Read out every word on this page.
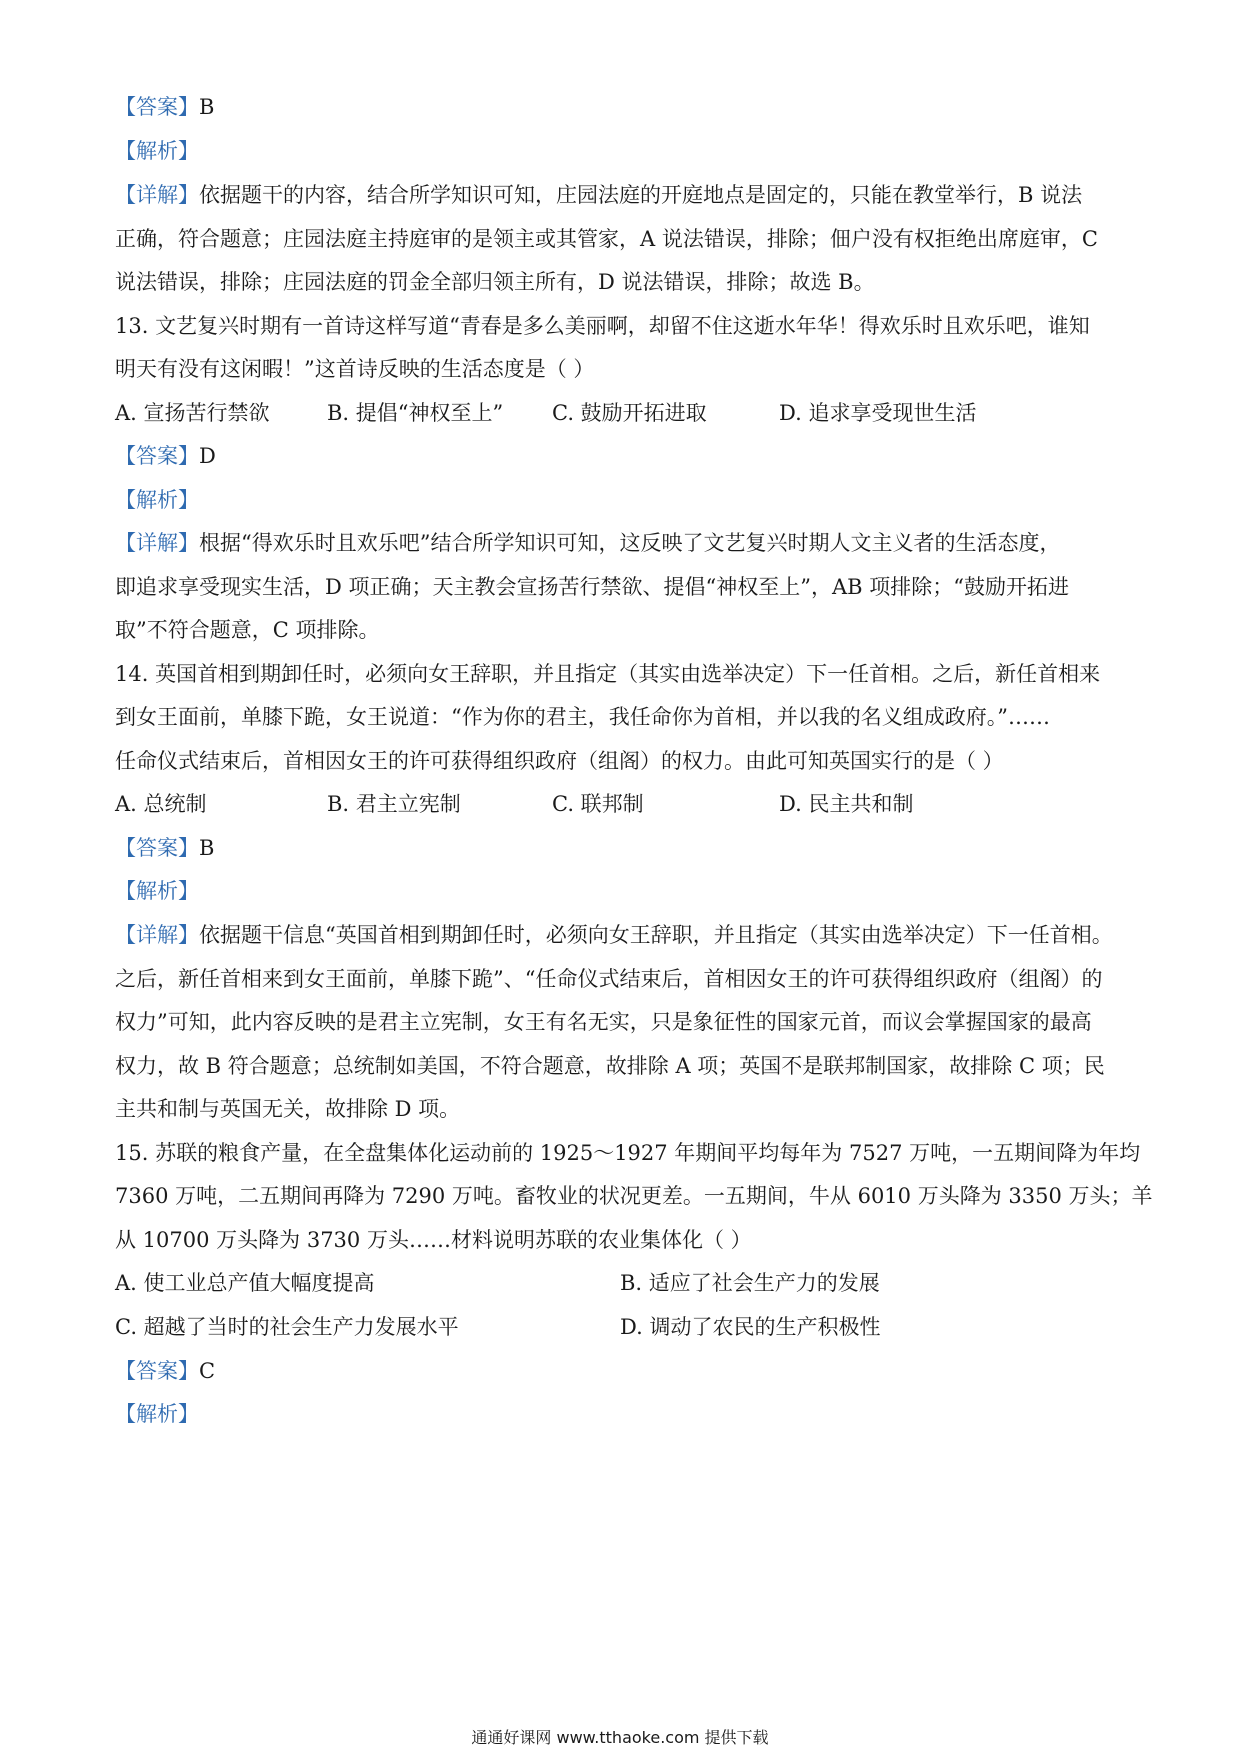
【答案】B
【解析】
【详解】依据题干的内容，结合所学知识可知，庄园法庭的开庭地点是固定的，只能在教堂举行，B 说法
正确，符合题意；庄园法庭主持庭审的是领主或其管家，A 说法错误，排除；佃户没有权拒绝出席庭审，C
说法错误，排除；庄园法庭的罚金全部归领主所有，D 说法错误，排除；故选 B。
13. 文艺复兴时期有一首诗这样写道“青春是多么美丽啊，却留不住这逝水年华！得欢乐时且欢乐吧，谁知
明天有没有这闲暇！”这首诗反映的生活态度是（ ）
A. 宣扬苦行禁欲	B. 提倡“神权至上” C. 鼓励开拓进取	D. 追求享受现世生活
【答案】D
【解析】
【详解】根据“得欢乐时且欢乐吧”结合所学知识可知，这反映了文艺复兴时期人文主义者的生活态度，
即追求享受现实生活，D 项正确；天主教会宣扬苦行禁欲、提倡“神权至上”，AB 项排除；“鼓励开拓进
取”不符合题意，C 项排除。
14. 英国首相到期卸任时，必须向女王辞职，并且指定（其实由选举决定）下一任首相。之后，新任首相来
到女王面前，单膝下跪，女王说道：“作为你的君主，我任命你为首相，并以我的名义组成政府。”……
任命仪式结束后，首相因女王的许可获得组织政府（组阁）的权力。由此可知英国实行的是（ ）
A. 总统制	B. 君主立宪制	C. 联邦制	D. 民主共和制
【答案】B
【解析】
【详解】依据题干信息“英国首相到期卸任时，必须向女王辞职，并且指定（其实由选举决定）下一任首相。
之后，新任首相来到女王面前，单膝下跪”、“任命仪式结束后，首相因女王的许可获得组织政府（组阁）的
权力”可知，此内容反映的是君主立宪制，女王有名无实，只是象征性的国家元首，而议会掌握国家的最高
权力，故 B 符合题意；总统制如美国，不符合题意，故排除 A 项；英国不是联邦制国家，故排除 C 项；民
主共和制与英国无关，故排除 D 项。
15. 苏联的粮食产量，在全盘集体化运动前的 1925～1927 年期间平均每年为 7527 万吨，一五期间降为年均
7360 万吨，二五期间再降为 7290 万吨。畜牧业的状况更差。一五期间，牛从 6010 万头降为 3350 万头；羊
从 10700 万头降为 3730 万头……材料说明苏联的农业集体化（ ）
A. 使工业总产值大幅度提高	B. 适应了社会生产力的发展
C. 超越了当时的社会生产力发展水平	D. 调动了农民的生产积极性
【答案】C
【解析】
通通好课网 www.tthaoke.com 提供下载
